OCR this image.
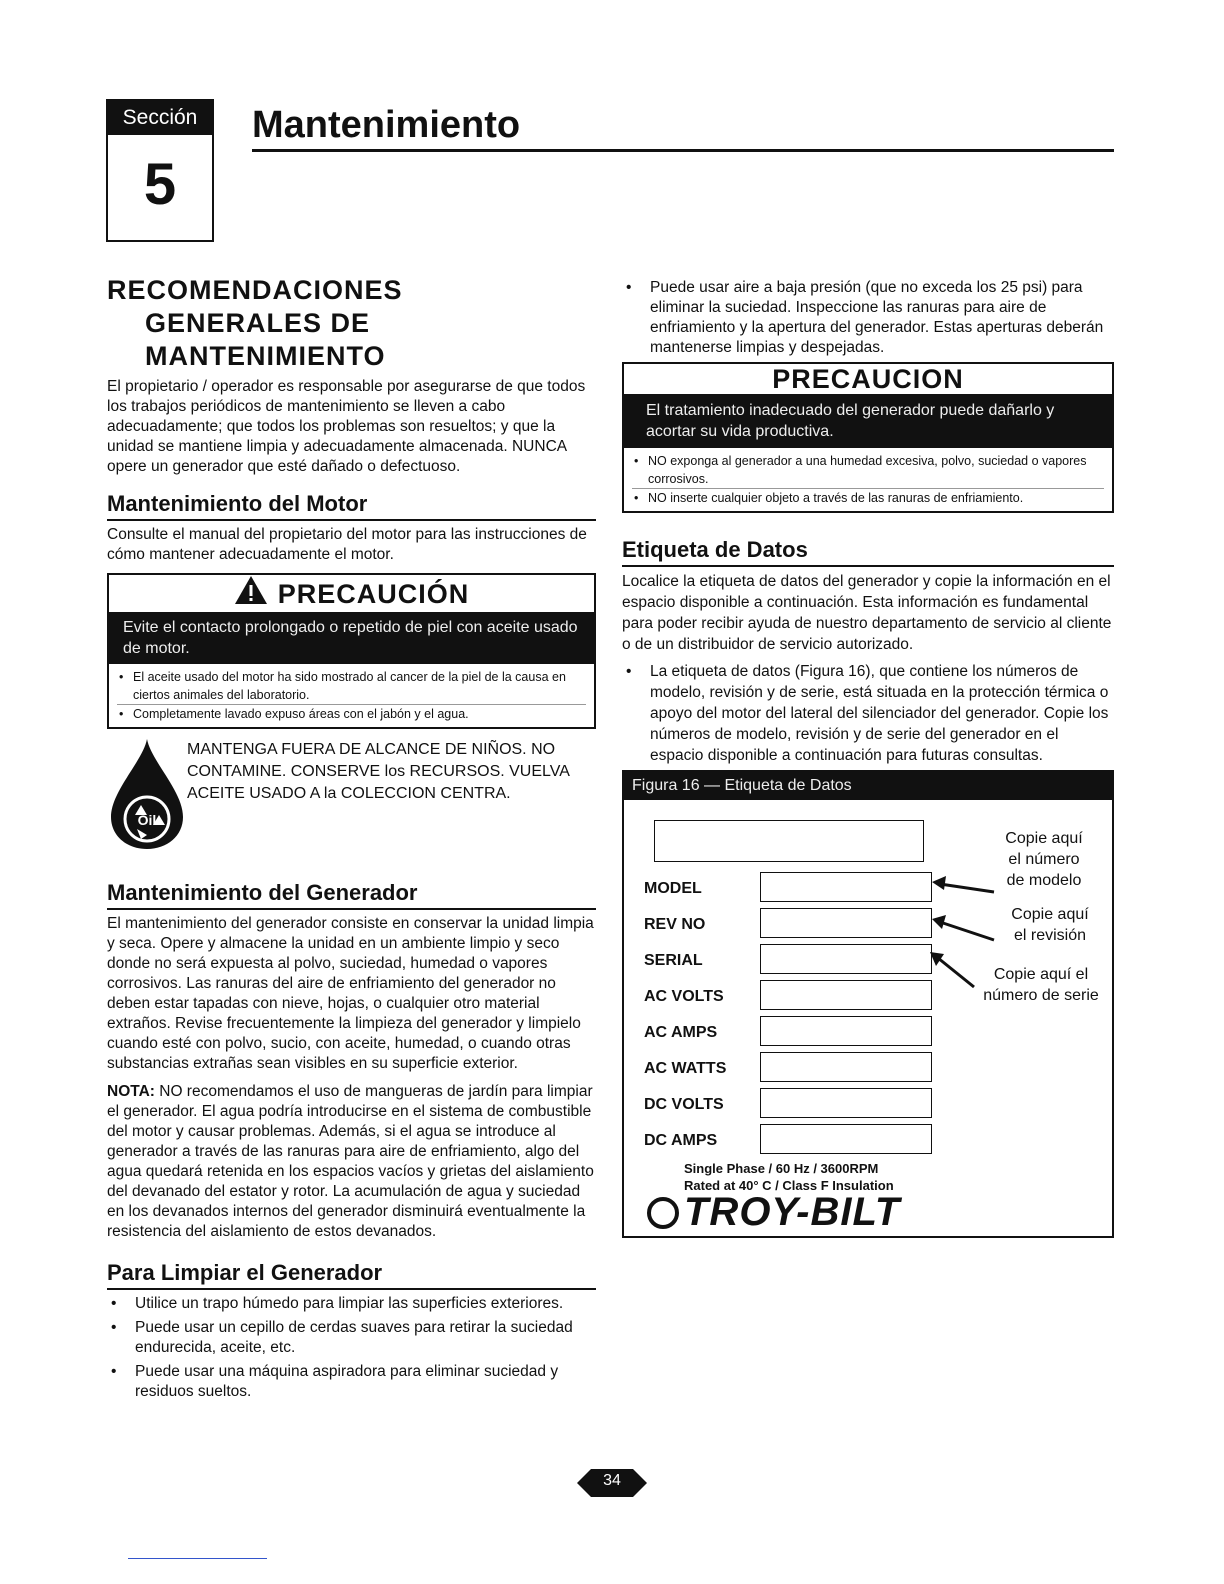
Sección
5
Mantenimiento
RECOMENDACIONES
GENERALES DE
MANTENIMIENTO

El propietario / operador es responsable por asegurarse de que todos los trabajos periódicos de mantenimiento se lleven a cabo adecuadamente; que todos los problemas son resueltos; y que la unidad se mantiene limpia y adecuadamente almacenada. NUNCA opere un generador que esté dañado o defectuoso.

Mantenimiento del Motor

Consulte el manual del propietario del motor para las instrucciones de cómo mantener adecuadamente el motor.

PRECAUCIÓN
Evite el contacto prolongado o repetido de piel con aceite usado de motor.
• El aceite usado del motor ha sido mostrado al cancer de la piel de la causa en ciertos animales del laboratorio.
• Completamente lavado expuso áreas con el jabón y el agua.
Oil

MANTENGA FUERA DE ALCANCE DE NIÑOS. NO CONTAMINE. CONSERVE los RECURSOS. VUELVA ACEITE USADO A la COLECCION CENTRA.

Mantenimiento del Generador

El mantenimiento del generador consiste en conservar la unidad limpia y seca. Opere y almacene la unidad en un ambiente limpio y seco donde no será expuesta al polvo, suciedad, humedad o vapores corrosivos. Las ranuras del aire de enfriamiento del generador no deben estar tapadas con nieve, hojas, o cualquier otro material extraños. Revise frecuentemente la limpieza del generador y limpielo cuando esté con polvo, sucio, con aceite, humedad, o cuando otras substancias extrañas sean visibles en su superficie exterior.

NOTA: NO recomendamos el uso de mangueras de jardín para limpiar el generador. El agua podría introducirse en el sistema de combustible del motor y causar problemas. Además, si el agua se introduce al generador a través de las ranuras para aire de enfriamiento, algo del agua quedará retenida en los espacios vacíos y grietas del aislamiento del devanado del estator y rotor. La acumulación de agua y suciedad en los devanados internos del generador disminuirá eventualmente la resistencia del aislamiento de estos devanados.

Para Limpiar el Generador
• Utilice un trapo húmedo para limpiar las superficies exteriores.
• Puede usar un cepillo de cerdas suaves para retirar la suciedad endurecida, aceite, etc.
• Puede usar una máquina aspiradora para eliminar suciedad y residuos sueltos.
• Puede usar aire a baja presión (que no exceda los 25 psi) para eliminar la suciedad. Inspeccione las ranuras para aire de enfriamiento y la apertura del generador. Estas aperturas deberán mantenerse limpias y despejadas.
PRECAUCION
El tratamiento inadecuado del generador puede dañarlo y acortar su vida productiva.
• NO exponga al generador a una humedad excesiva, polvo, suciedad o vapores corrosivos.
• NO inserte cualquier objeto a través de las ranuras de enfriamiento.
Etiqueta de Datos

Localice la etiqueta de datos del generador y copie la información en el espacio disponible a continuación. Esta información es fundamental para poder recibir ayuda de nuestro departamento de servicio al cliente o de un distribuidor de servicio autorizado.

• La etiqueta de datos (Figura 16), que contiene los números de modelo, revisión y de serie, está situada en la protección térmica o apoyo del motor del lateral del silenciador del generador. Copie los números de modelo, revisión y de serie del generador en el espacio disponible a continuación para futuras consultas.
Figura 16 — Etiqueta de Datos
MODEL
REV NO
SERIAL
AC VOLTS
AC AMPS
AC WATTS
DC VOLTS
DC AMPS
Copie aquí
el número
de modelo
Copie aquí
el revisión
Copie aquí el
número de serie
Single Phase / 60 Hz / 3600RPM
Rated at 40° C / Class F Insulation
TROY-BILT
34
